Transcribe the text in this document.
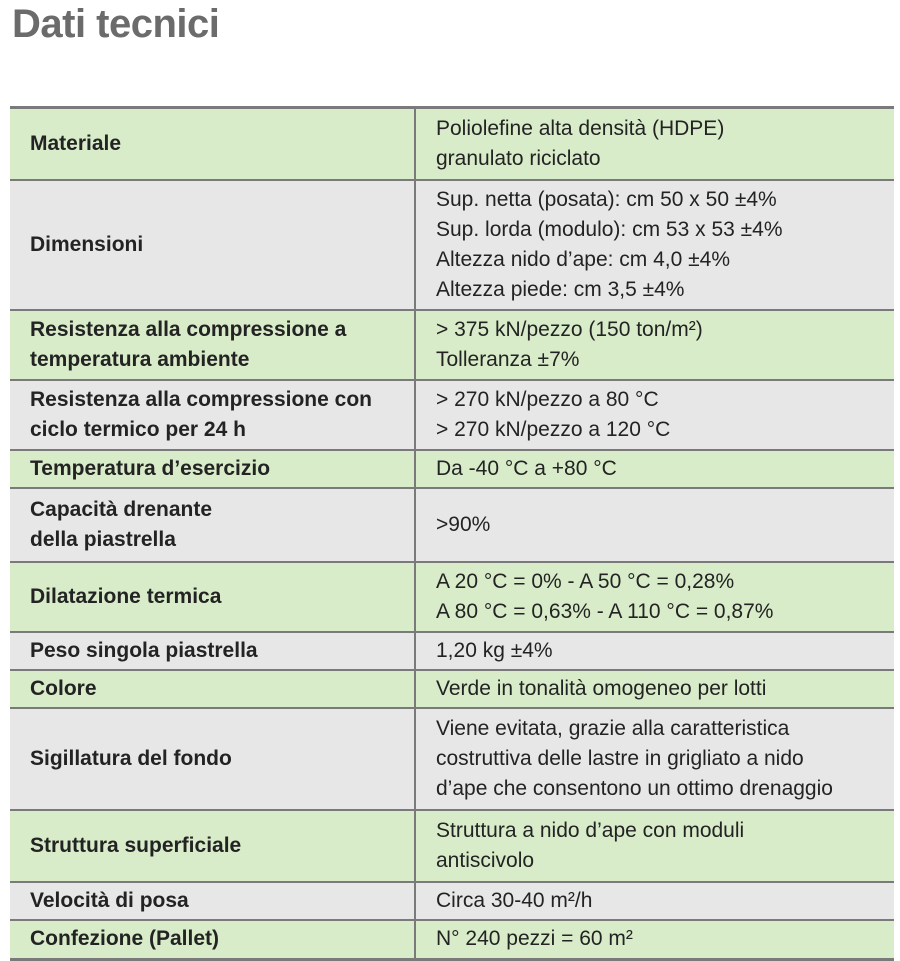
Dati tecnici
Materiale	Poliolefine alta densità (HDPE)
granulato riciclato

Dimensioni	Sup. netta (posata): cm 50 x 50 ±4%
Sup. lorda (modulo): cm 53 x 53 ±4%
Altezza nido d’ape: cm 4,0 ±4%
Altezza piede: cm 3,5 ±4%

Resistenza alla compressione a
temperatura ambiente	> 375 kN/pezzo (150 ton/m²)
Tolleranza ±7%

Resistenza alla compressione con
ciclo termico per 24 h	> 270 kN/pezzo a 80 °C
> 270 kN/pezzo a 120 °C

Temperatura d’esercizio	Da -40 °C a +80 °C

Capacità drenante
della piastrella	>90%

Dilatazione termica	A 20 °C = 0% - A 50 °C = 0,28%
A 80 °C = 0,63% - A 110 °C = 0,87%

Peso singola piastrella	1,20 kg ±4%

Colore	Verde in tonalità omogeneo per lotti

Sigillatura del fondo	Viene evitata, grazie alla caratteristica
costruttiva delle lastre in grigliato a nido
d’ape che consentono un ottimo drenaggio

Struttura superficiale	Struttura a nido d’ape con moduli
antiscivolo

Velocità di posa	Circa 30-40 m²/h

Confezione (Pallet)	N° 240 pezzi = 60 m²
